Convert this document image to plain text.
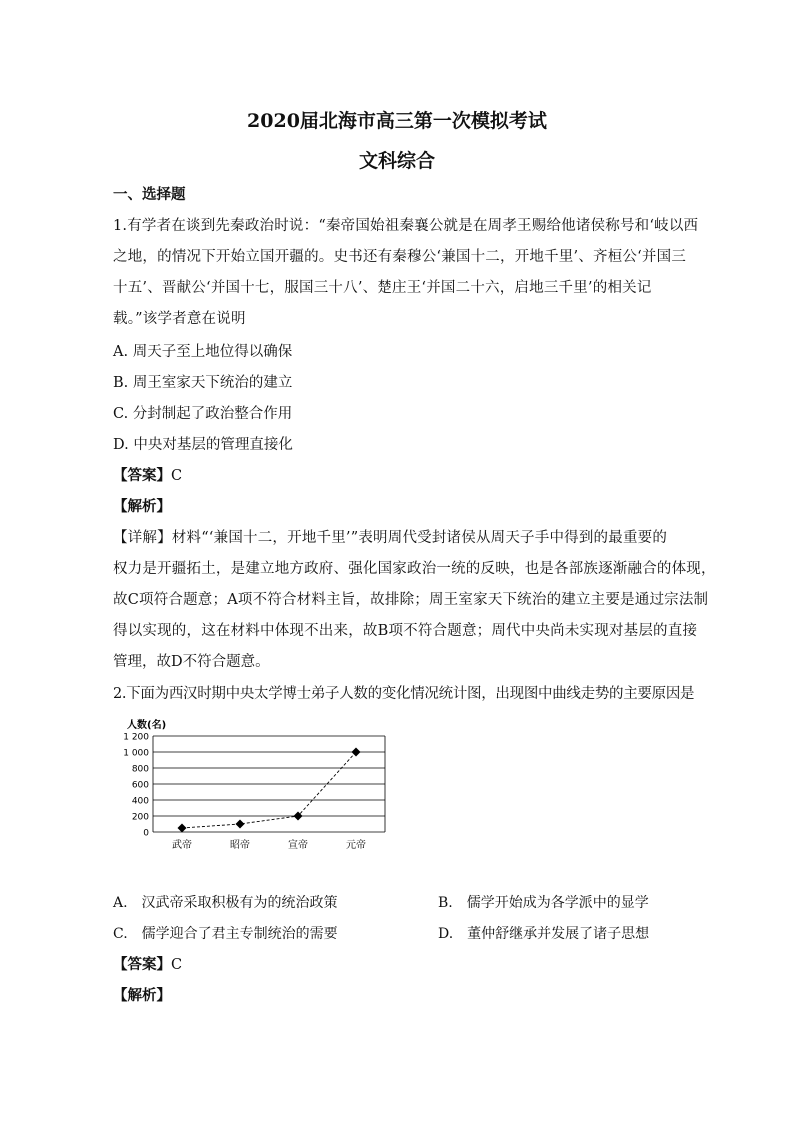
2020届北海市高三第一次模拟考试
文科综合
一、选择题
1.有学者在谈到先秦政治时说：“秦帝国始祖秦襄公就是在周孝王赐给他诸侯称号和‘岐以西
之地，的情况下开始立国开疆的。史书还有秦穆公‘兼国十二，开地千里’、齐桓公‘并国三
十五’、晋献公‘并国十七，服国三十八’、楚庄王‘并国二十六，启地三千里’的相关记
载。”该学者意在说明
A. 周天子至上地位得以确保
B. 周王室家天下统治的建立
C. 分封制起了政治整合作用
D. 中央对基层的管理直接化
【答案】C
【解析】
【详解】材料“‘兼国十二，开地千里’”表明周代受封诸侯从周天子手中得到的最重要的
权力是开疆拓土，是建立地方政府、强化国家政治一统的反映，也是各部族逐渐融合的体现，
故C项符合题意；A项不符合材料主旨，故排除；周王室家天下统治的建立主要是通过宗法制
得以实现的，这在材料中体现不出来，故B项不符合题意；周代中央尚未实现对基层的直接
管理，故D不符合题意。
2.下面为西汉时期中央太学博士弟子人数的变化情况统计图，出现图中曲线走势的主要原因是
人数(名)
0
200
400
600
800
1 000
1 200
武帝	昭帝	宣帝	元帝
A.　汉武帝采取积极有为的统治政策	B.　儒学开始成为各学派中的显学
C.　儒学迎合了君主专制统治的需要	D.　董仲舒继承并发展了诸子思想
【答案】C
【解析】
